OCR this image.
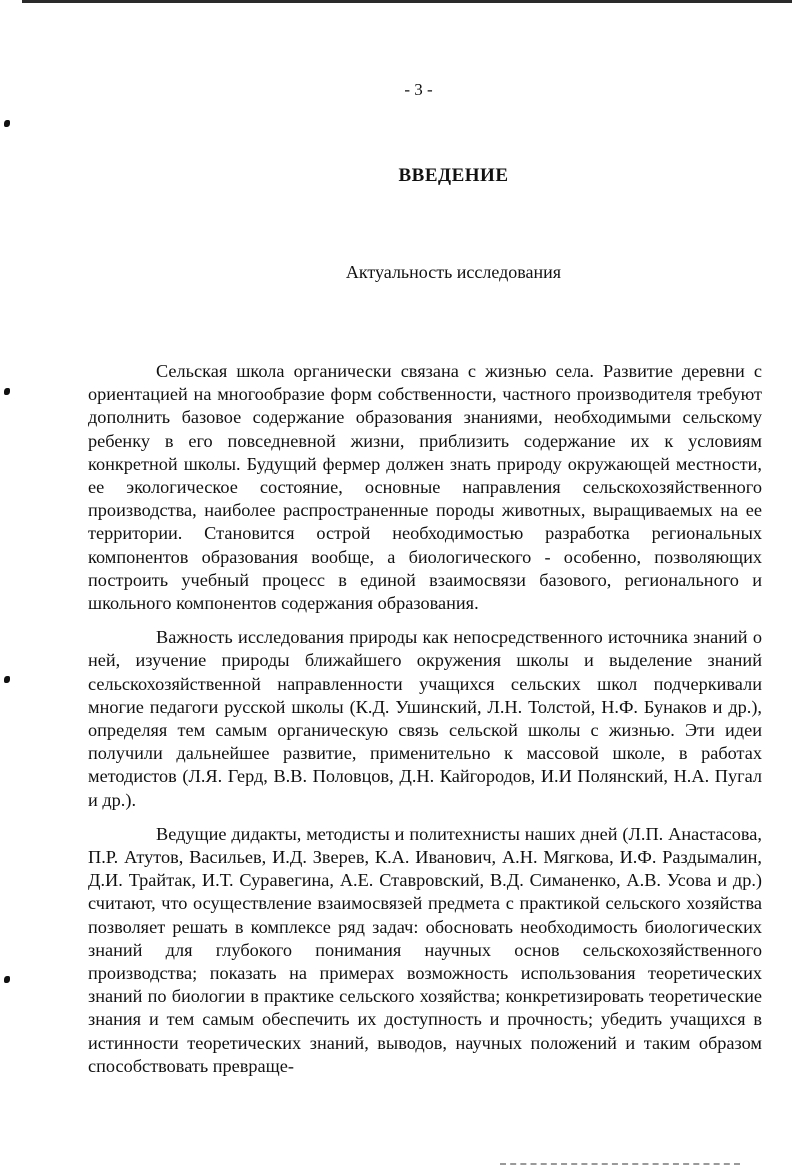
- 3 -
ВВЕДЕНИЕ
Актуальность исследования

Сельская школа органически связана с жизнью села. Развитие деревни с ориентацией на многообразие форм собственности, частного производителя требуют дополнить базовое содержание образования знаниями, необходимыми сельскому ребенку в его повседневной жизни, приблизить содержание их к условиям конкретной школы. Будущий фермер должен знать природу окружающей местности, ее экологическое состояние, основные направления сельскохозяйственного производства, наиболее распространенные породы животных, выращиваемых на ее территории. Становится острой необходимостью разработка региональных компонентов образования вообще, а биологического - особенно, позволяющих построить учебный процесс в единой взаимосвязи базового, регионального и школьного компонентов содержания образования.

Важность исследования природы как непосредственного источника знаний о ней, изучение природы ближайшего окружения школы и выделение знаний сельскохозяйственной направленности учащихся сельских школ подчеркивали многие педагоги русской школы (К.Д. Ушинский, Л.Н. Толстой, Н.Ф. Бунаков и др.), определяя тем самым органическую связь сельской школы с жизнью. Эти идеи получили дальнейшее развитие, применительно к массовой школе, в работах методистов (Л.Я. Герд, В.В. Половцов, Д.Н. Кайгородов, И.И Полянский, Н.А. Пугал и др.).

Ведущие дидакты, методисты и политехнисты наших дней (Л.П. Анастасова, П.Р. Атутов, Васильев, И.Д. Зверев, К.А. Иванович, А.Н. Мягкова, И.Ф. Раздымалин, Д.И. Трайтак, И.Т. Суравегина, А.Е. Ставровский, В.Д. Симаненко, А.В. Усова и др.) считают, что осуществление взаимосвязей предмета с практикой сельского хозяйства позволяет решать в комплексе ряд задач: обосновать необходимость биологических знаний для глубокого понимания научных основ сельскохозяйственного производства; показать на примерах возможность использования теоретических знаний по биологии в практике сельского хозяйства; конкретизировать теоретические знания и тем самым обеспечить их доступность и прочность; убедить учащихся в истинности теоретических знаний, выводов, научных положений и таким образом способствовать превраще-
